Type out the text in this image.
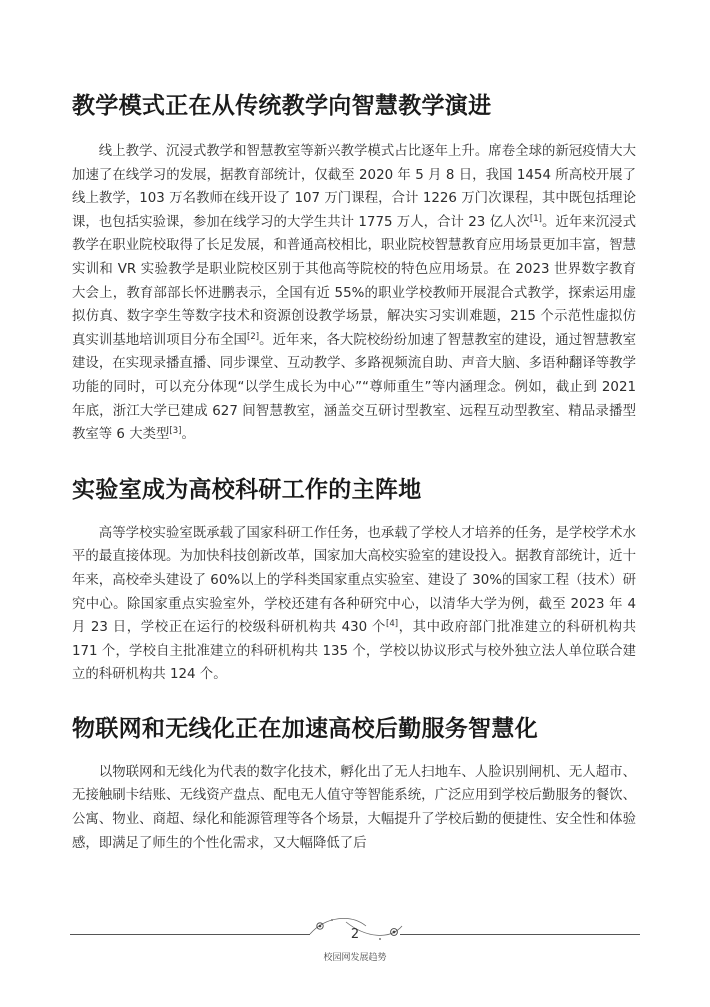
教学模式正在从传统教学向智慧教学演进

线上教学、沉浸式教学和智慧教室等新兴教学模式占比逐年上升。席卷全球的新冠疫情大大加速了在线学习的发展，据教育部统计，仅截至 2020 年 5 月 8 日，我国 1454 所高校开展了线上教学，103 万名教师在线开设了 107 万门课程，合计 1226 万门次课程，其中既包括理论课，也包括实验课，参加在线学习的大学生共计 1775 万人，合计 23 亿人次[1]。近年来沉浸式教学在职业院校取得了长足发展，和普通高校相比，职业院校智慧教育应用场景更加丰富，智慧实训和 VR 实验教学是职业院校区别于其他高等院校的特色应用场景。在 2023 世界数字教育大会上，教育部部长怀进鹏表示，全国有近 55%的职业学校教师开展混合式教学，探索运用虚拟仿真、数字孪生等数字技术和资源创设教学场景，解决实习实训难题，215 个示范性虚拟仿真实训基地培训项目分布全国[2]。近年来，各大院校纷纷加速了智慧教室的建设，通过智慧教室建设，在实现录播直播、同步课堂、互动教学、多路视频流自助、声音大脑、多语种翻译等教学功能的同时，可以充分体现“以学生成长为中心”“尊师重生”等内涵理念。例如，截止到 2021 年底，浙江大学已建成 627 间智慧教室，涵盖交互研讨型教室、远程互动型教室、精品录播型教室等 6 大类型[3]。

实验室成为高校科研工作的主阵地

高等学校实验室既承载了国家科研工作任务，也承载了学校人才培养的任务，是学校学术水平的最直接体现。为加快科技创新改革，国家加大高校实验室的建设投入。据教育部统计，近十年来，高校牵头建设了 60%以上的学科类国家重点实验室、建设了 30%的国家工程（技术）研究中心。除国家重点实验室外，学校还建有各种研究中心，以清华大学为例，截至 2023 年 4 月 23 日，学校正在运行的校级科研机构共 430 个[4]，其中政府部门批准建立的科研机构共 171 个，学校自主批准建立的科研机构共 135 个，学校以协议形式与校外独立法人单位联合建立的科研机构共 124 个。

物联网和无线化正在加速高校后勤服务智慧化

以物联网和无线化为代表的数字化技术，孵化出了无人扫地车、人脸识别闸机、无人超市、无接触刷卡结账、无线资产盘点、配电无人值守等智能系统，广泛应用到学校后勤服务的餐饮、公寓、物业、商超、绿化和能源管理等各个场景，大幅提升了学校后勤的便捷性、安全性和体验感，即满足了师生的个性化需求，又大幅降低了后

2
校园网发展趋势
